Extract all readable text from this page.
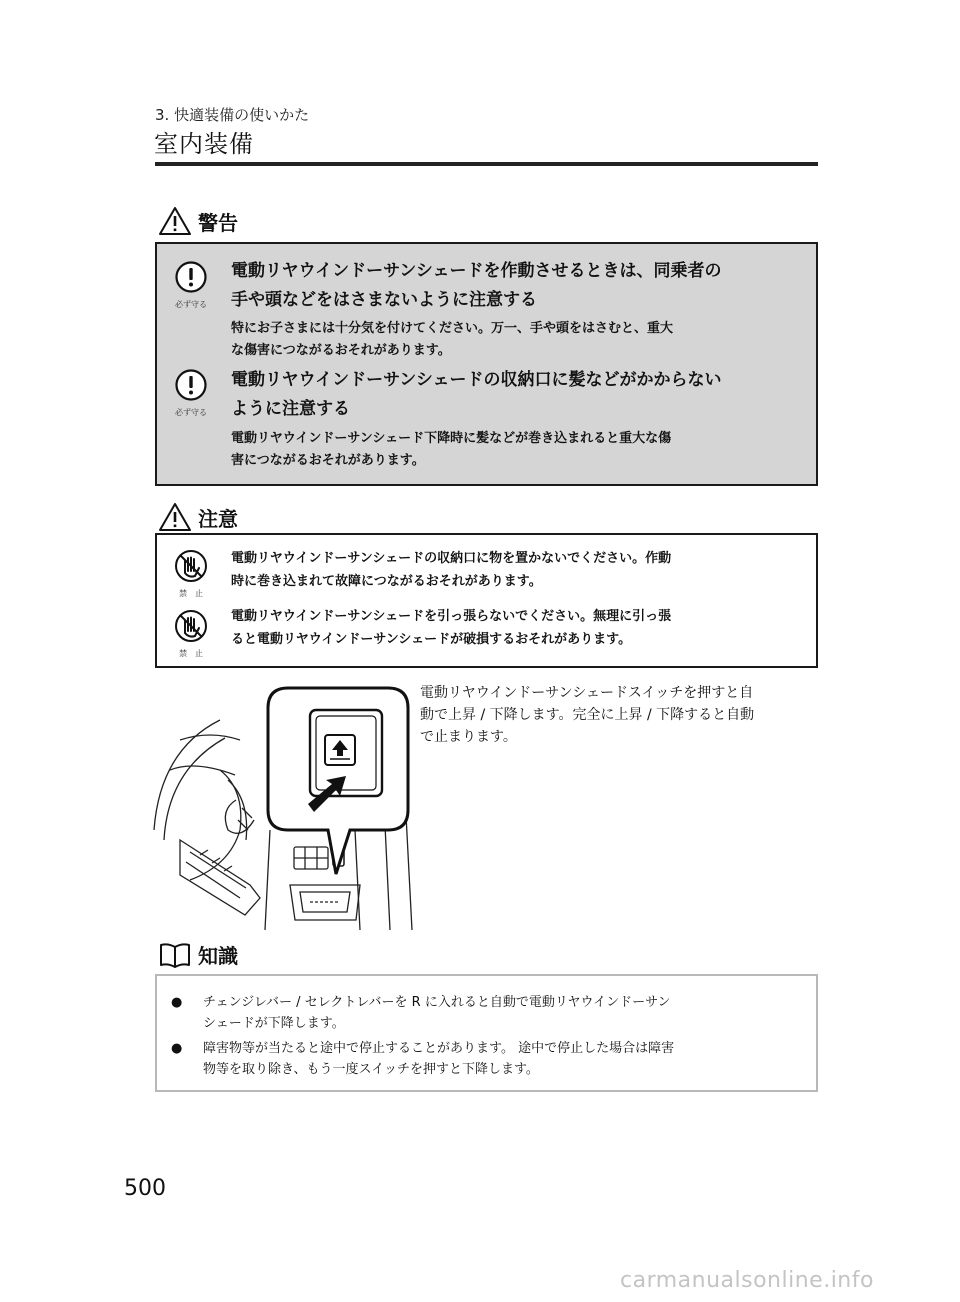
3. 快適装備の使いかた
室内装備
警告
必ず守る
電動リヤウインドーサンシェードを作動させるときは、同乗者の
手や頭などをはさまないように注意する
特にお子さまには十分気を付けてください。万一、手や頭をはさむと、重大
な傷害につながるおそれがあります。
必ず守る
電動リヤウインドーサンシェードの収納口に髪などがかからない
ように注意する
電動リヤウインドーサンシェード下降時に髪などが巻き込まれると重大な傷
害につながるおそれがあります。
注意
禁　止
電動リヤウインドーサンシェードの収納口に物を置かないでください。作動
時に巻き込まれて故障につながるおそれがあります。
禁　止
電動リヤウインドーサンシェードを引っ張らないでください。無理に引っ張
ると電動リヤウインドーサンシェードが破損するおそれがあります。
電動リヤウインドーサンシェードスイッチを押すと自
動で上昇 / 下降します。完全に上昇 / 下降すると自動
で止まります。
知識
●	チェンジレバー / セレクトレバーを R に入れると自動で電動リヤウインドーサン
シェードが下降します。
●	障害物等が当たると途中で停止することがあります。 途中で停止した場合は障害
物等を取り除き、もう一度スイッチを押すと下降します。
500
carmanualsonline.info
